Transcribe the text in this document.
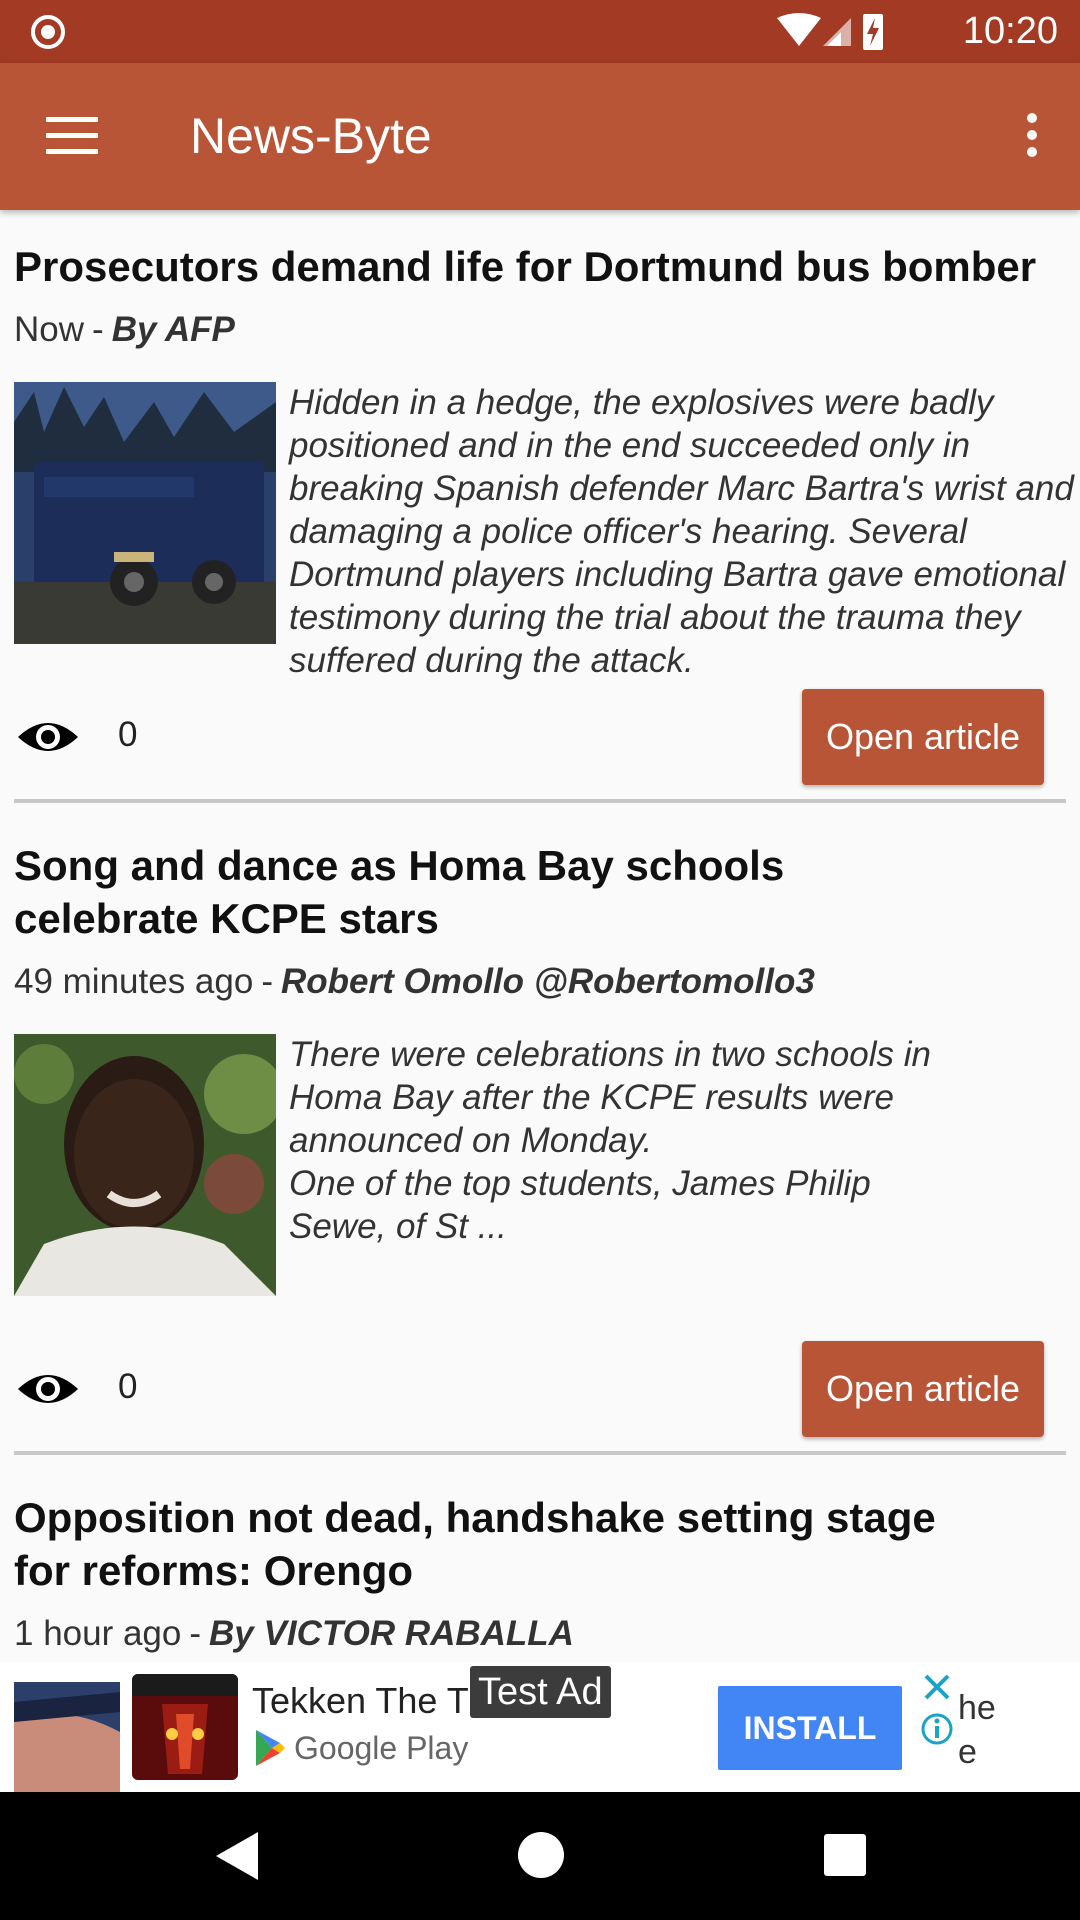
10:20
News-Byte
Prosecutors demand life for Dortmund bus bomber
Now - By AFP
Hidden in a hedge, the explosives were badly positioned and in the end succeeded only in breaking Spanish defender Marc Bartra's wrist and damaging a police officer's hearing. Several Dortmund players including Bartra gave emotional testimony during the trial about the trauma they suffered during the attack.
0	Open article
Song and dance as Homa Bay schools celebrate KCPE stars
49 minutes ago - Robert Omollo @Robertomollo3
There were celebrations in two schools in Homa Bay after the KCPE results were announced on Monday.
One of the top students, James Philip Sewe, of St ...
0	Open article
Opposition not dead, handshake setting stage for reforms: Orengo
1 hour ago - By VICTOR RABALLA
Tekken The T Test Ad
Google Play
INSTALL
he
e
